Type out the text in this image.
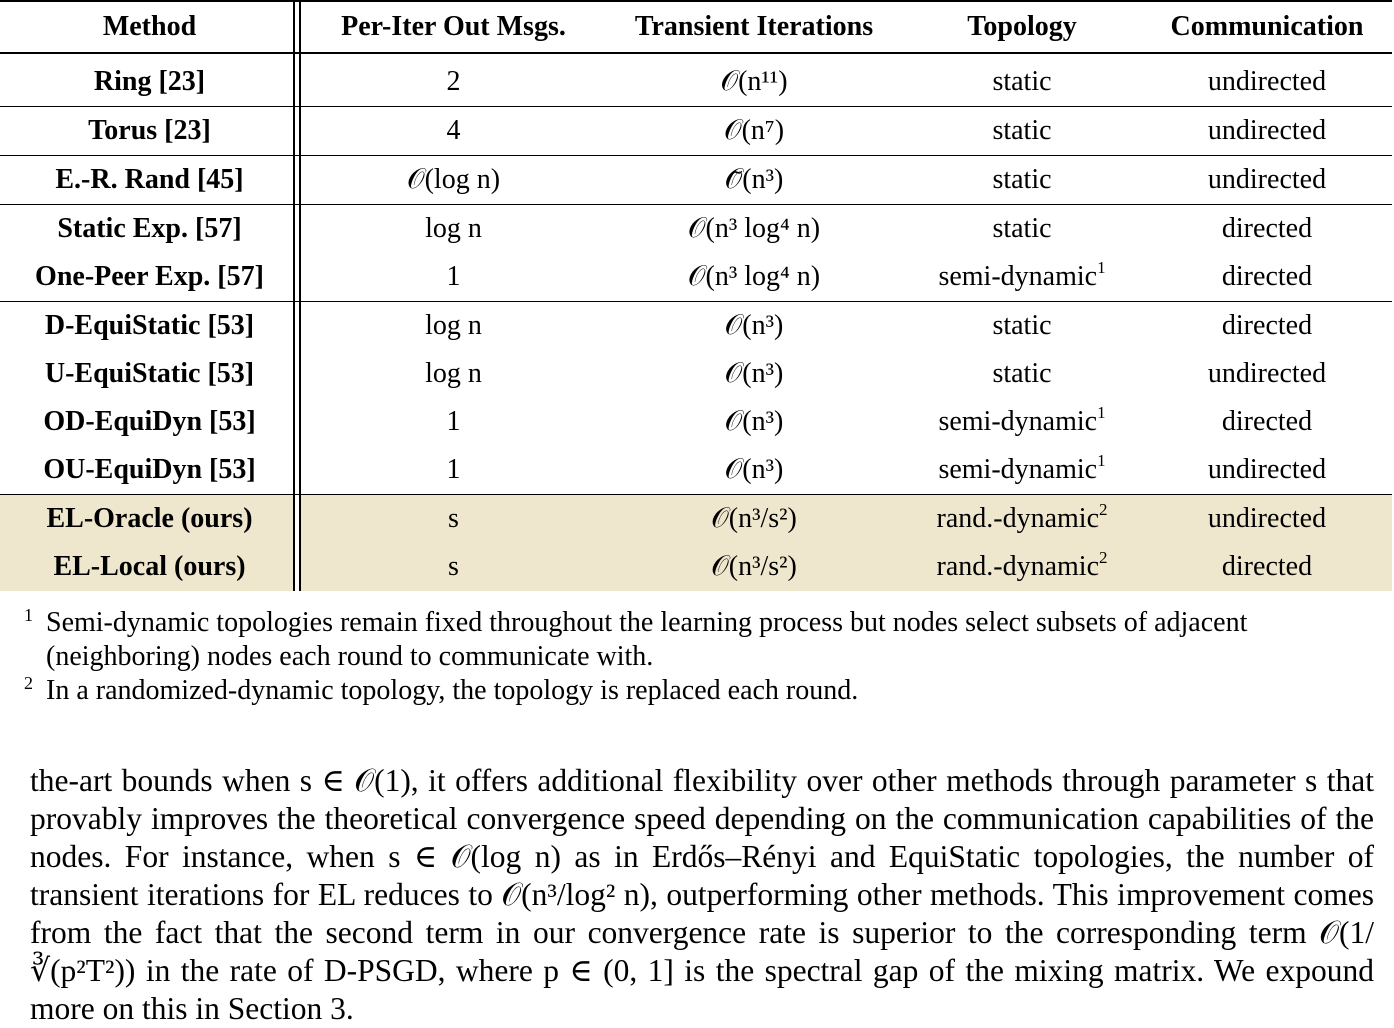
Method	Per-Iter Out Msgs.	Transient Iterations	Topology	Communication

Ring [23]	2	𝒪(n¹¹)	static	undirected
Torus [23]	4	𝒪(n⁷)	static	undirected
E.-R. Rand [45]	𝒪(log n)	𝒪̃(n³)	static	undirected
Static Exp. [57]	log n	𝒪(n³ log⁴ n)	static	directed
One-Peer Exp. [57]	1	𝒪(n³ log⁴ n)	semi-dynamic$^1$	directed
D-EquiStatic [53]	log n	𝒪(n³)	static	directed
U-EquiStatic [53]	log n	𝒪(n³)	static	undirected
OD-EquiDyn [53]	1	𝒪(n³)	semi-dynamic$^1$	directed
OU-EquiDyn [53]	1	𝒪(n³)	semi-dynamic$^1$	undirected
EL-Oracle (ours)	s	𝒪(n³/s²)	rand.-dynamic$^2$	undirected
EL-Local (ours)	s	𝒪(n³/s²)	rand.-dynamic$^2$	directed
1 Semi-dynamic topologies remain fixed throughout the learning process but nodes select subsets of adjacent
(neighboring) nodes each round to communicate with.
2 In a randomized-dynamic topology, the topology is replaced each round.

the-art bounds when s ∈ 𝒪(1), it offers additional flexibility over other methods through parameter s that provably improves the theoretical convergence speed depending on the communication capabilities of the nodes. For instance, when s ∈ 𝒪(log n) as in Erdős–Rényi and EquiStatic topologies, the number of transient iterations for EL reduces to 𝒪(n³/log² n), outperforming other methods. This improvement comes from the fact that the second term in our convergence rate is superior to the corresponding term 𝒪(1/∛(p²T²)) in the rate of D-PSGD, where p ∈ (0, 1] is the spectral gap of the mixing matrix. We expound more on this in Section 3.
